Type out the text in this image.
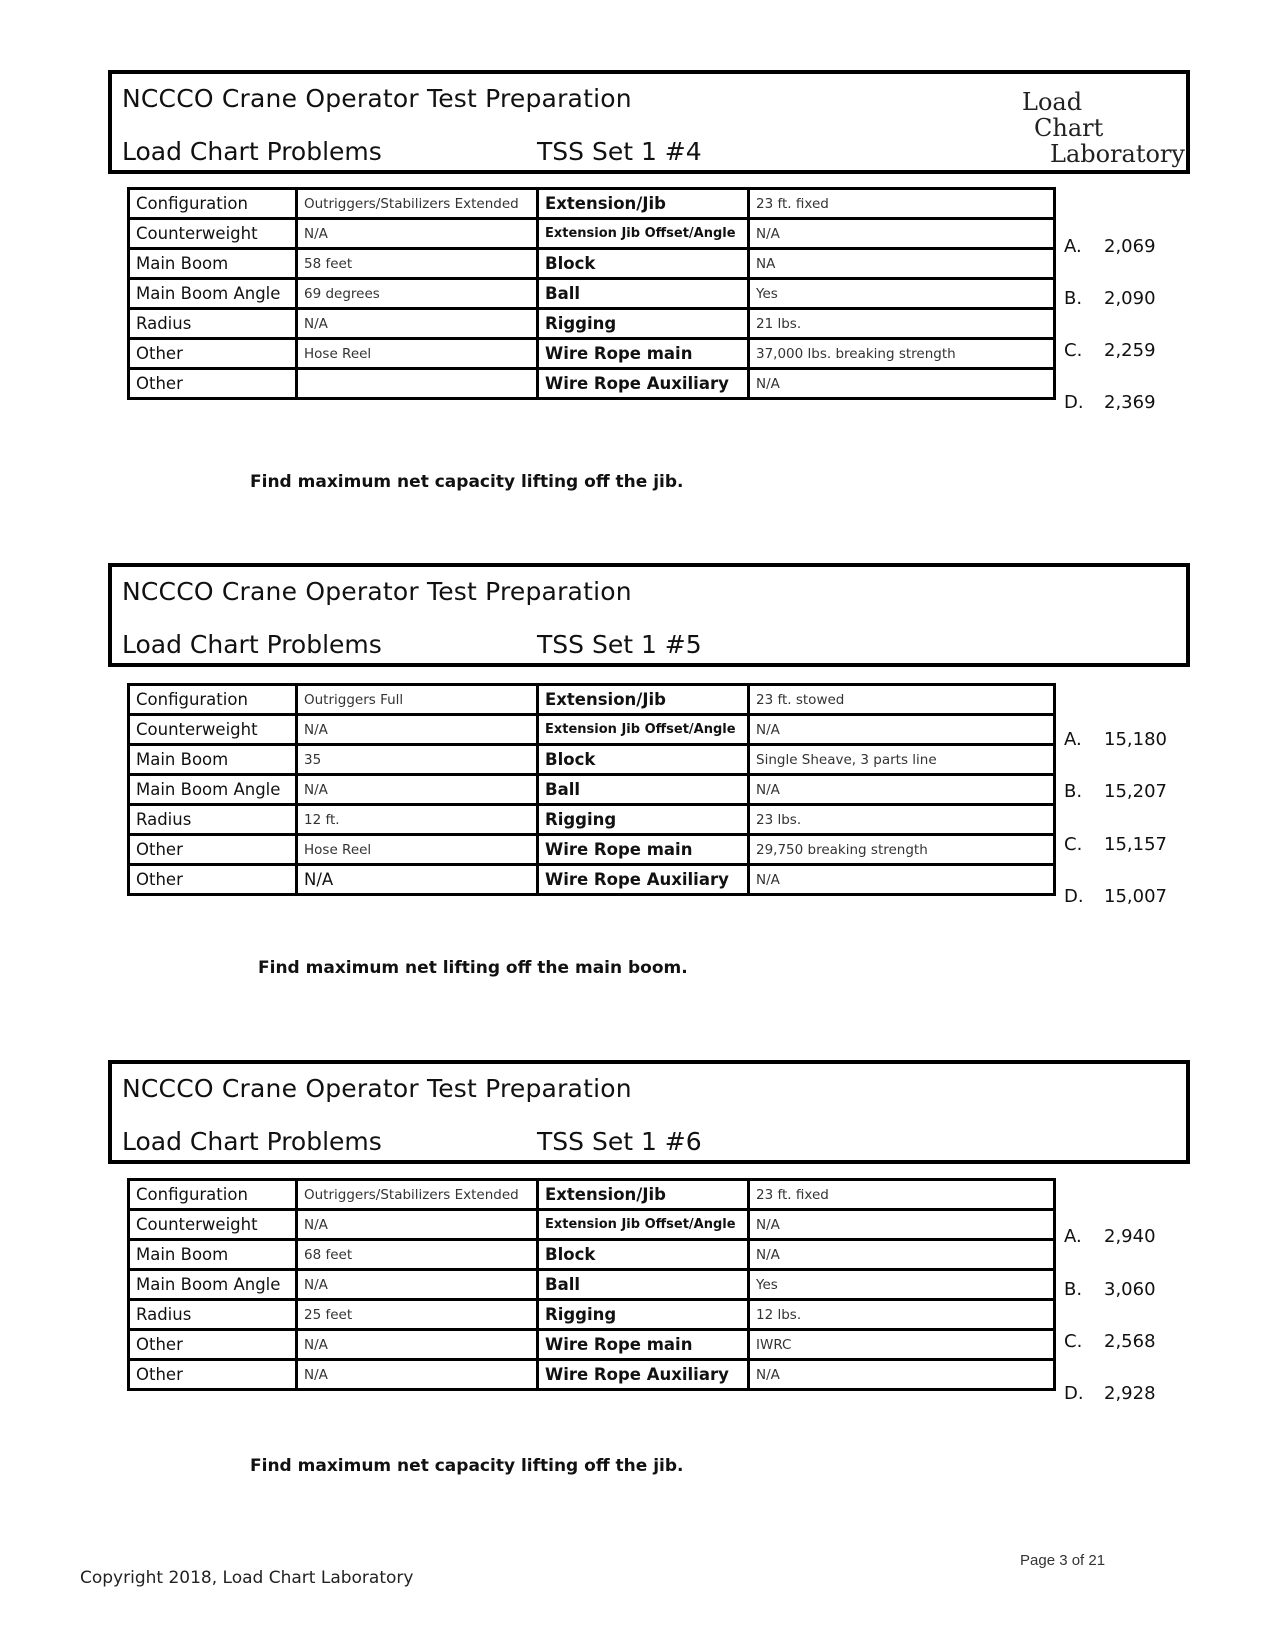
NCCCO Crane Operator Test Preparation
Load Chart Problems	TSS Set 1 #4
Load
Chart
Laboratory
Configuration	Outriggers/Stabilizers Extended	Extension/Jib	23 ft. fixed
Counterweight	N/A	Extension Jib Offset/Angle	N/A
Main Boom	58 feet	Block	NA
Main Boom Angle	69 degrees	Ball	Yes
Radius	N/A	Rigging	21 lbs.
Other	Hose Reel	Wire Rope main	37,000 lbs. breaking strength
Other		Wire Rope Auxiliary	N/A
A. 2,069
B. 2,090
C. 2,259
D. 2,369
Find maximum net capacity lifting off the jib.
NCCCO Crane Operator Test Preparation
Load Chart Problems	TSS Set 1 #5
Configuration	Outriggers Full	Extension/Jib	23 ft. stowed
Counterweight	N/A	Extension Jib Offset/Angle	N/A
Main Boom	35	Block	Single Sheave, 3 parts line
Main Boom Angle	N/A	Ball	N/A
Radius	12 ft.	Rigging	23 lbs.
Other	Hose Reel	Wire Rope main	29,750 breaking strength
Other	N/A	Wire Rope Auxiliary	N/A
A. 15,180
B. 15,207
C. 15,157
D. 15,007
Find maximum net lifting off the main boom.
NCCCO Crane Operator Test Preparation
Load Chart Problems	TSS Set 1 #6
Configuration	Outriggers/Stabilizers Extended	Extension/Jib	23 ft. fixed
Counterweight	N/A	Extension Jib Offset/Angle	N/A
Main Boom	68 feet	Block	N/A
Main Boom Angle	N/A	Ball	Yes
Radius	25 feet	Rigging	12 lbs.
Other	N/A	Wire Rope main	IWRC
Other	N/A	Wire Rope Auxiliary	N/A
A. 2,940
B. 3,060
C. 2,568
D. 2,928
Find maximum net capacity lifting off the jib.
Copyright 2018, Load Chart Laboratory
Page 3 of 21
